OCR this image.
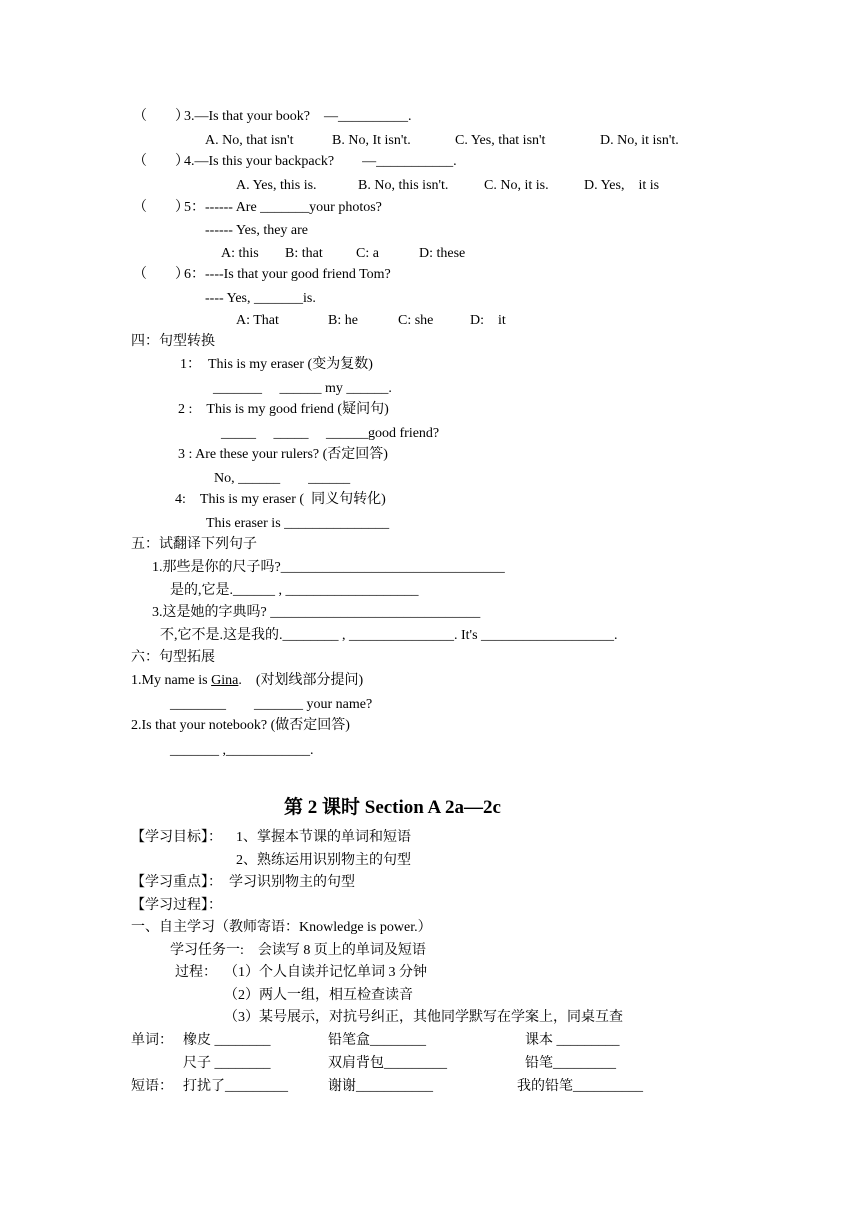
（　　）
3.—Is that your book?　—__________.
A. No, that isn't	B. No, It isn't.	C. Yes, that isn't	D. No, it isn't.
（　　）
4.—Is this your backpack?　　—___________.
A. Yes, this is.	B. No, this isn't.	C. No, it is.	D. Yes,　it is
（　　）
5：------ Are _______your photos?
------ Yes, they are
A: this B: that C: a	D: these
（　　）
6：----Is that your good friend Tom?
---- Yes, _______is.
A: That	B: he	C: she	D:　it
四：句型转换
1：　This is my eraser (变为复数)
_______　 ______ my ______.
2 :　This is my good friend (疑问句)
_____　 _____　 ______good friend?
3 : Are these your rulers? (否定回答)
No, ______　　______
4:　This is my eraser (  同义句转化)
This eraser is _______________
五：试翻译下列句子
1.那些是你的尺子吗?________________________________
是的,它是.______ , ___________________
3.这是她的字典吗? ______________________________
不,它不是.这是我的.________ , _______________. It's ___________________.
六：句型拓展
1.My name is Gina.　(对划线部分提问)
________　　_______ your name?
2.Is that your notebook? (做否定回答)
_______ ,____________.
第 2 课时 Section A 2a—2c
【学习目标】： 1、掌握本节课的单词和短语
2、熟练运用识别物主的句型
【学习重点】：　学习识别物主的句型
【学习过程】：
一、自主学习（教师寄语：Knowledge is power.）
学习任务一:　会读写 8 页上的单词及短语
过程： （1）个人自读并记忆单词 3 分钟
（2）两人一组，相互检查读音
（3）某号展示，对抗号纠正，其他同学默写在学案上，同桌互查
单词： 橡皮 ________	铅笔盒________	课本 _________
尺子 ________	双肩背包_________	铅笔_________
短语： 打扰了_________	谢谢___________	我的铅笔__________
